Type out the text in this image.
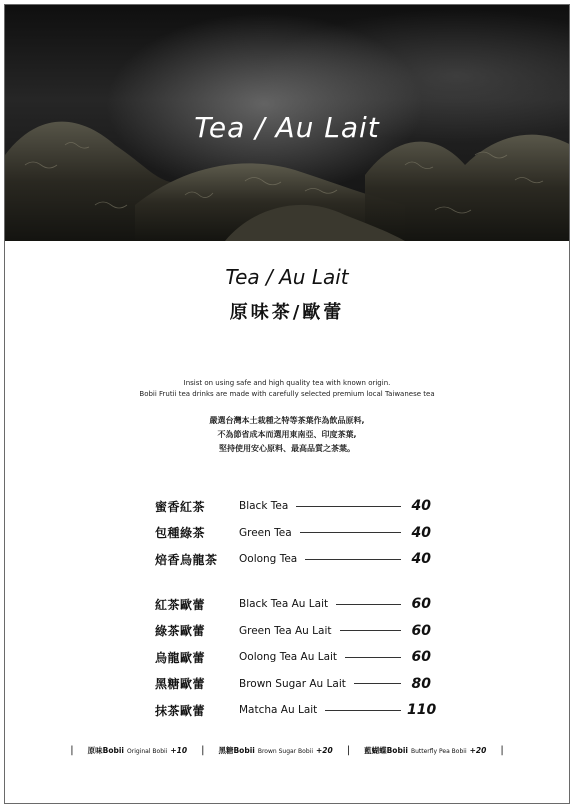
Tea / Au Lait
Tea / Au Lait
原味茶/歐蕾
Insist on using safe and high quality tea with known origin.
Bobii Frutii tea drinks are made with carefully selected premium local Taiwanese tea
嚴選台灣本土栽種之特等茶葉作為飲品原料,
不為節省成本而選用東南亞、印度茶葉,
堅持使用安心原料、最高品質之茶葉。
蜜香紅茶	Black Tea	40
包種綠茶	Green Tea	40
焙香烏龍茶	Oolong Tea	40
紅茶歐蕾	Black Tea Au Lait	60
綠茶歐蕾	Green Tea Au Lait	60
烏龍歐蕾	Oolong Tea Au Lait	60
黑糖歐蕾	Brown Sugar Au Lait	80
抹茶歐蕾	Matcha Au Lait	110
| 原味Bobii Original Bobii +10 | 黑糖Bobii Brown Sugar Bobii +20 | 藍蝴蝶Bobii Butterfly Pea Bobii +20 |
